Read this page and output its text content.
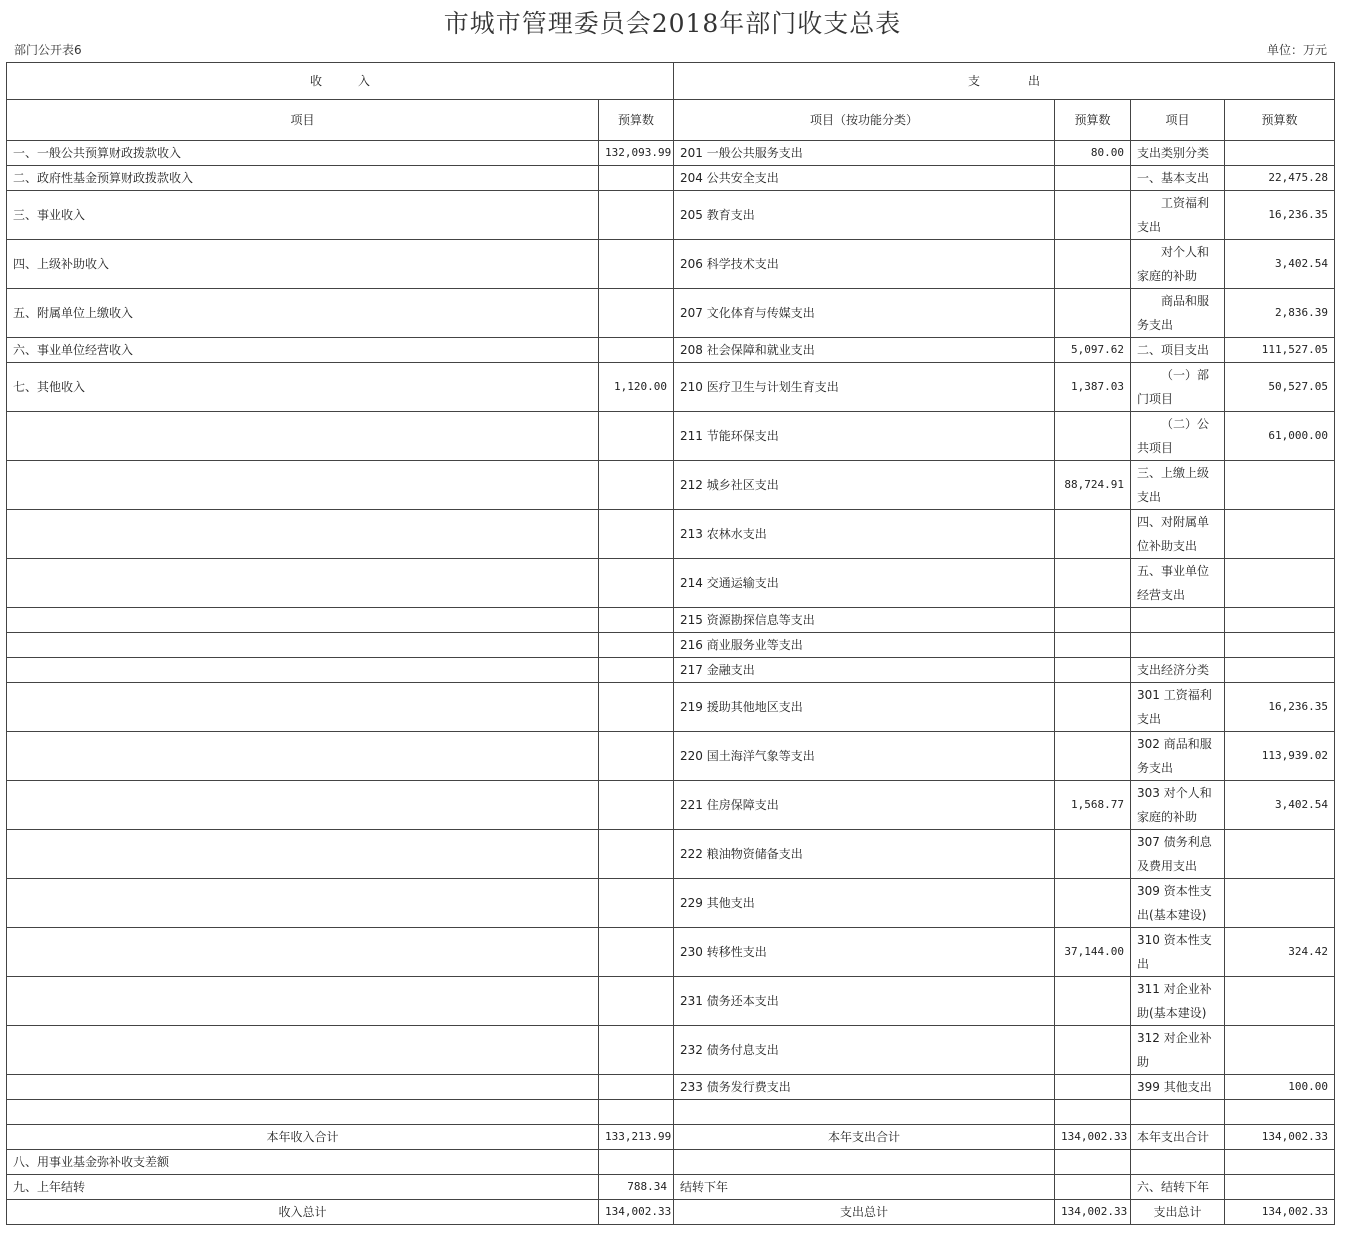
市城市管理委员会2018年部门收支总表
部门公开表6	单位：万元
收　　　入		支　　　　出			
项目	预算数	项目（按功能分类）	预算数	项目	预算数
一、一般公共预算财政拨款收入	132,093.99	201 一般公共服务支出	80.00	支出类别分类	
二、政府性基金预算财政拨款收入		204 公共安全支出		一、基本支出	22,475.28
三、事业收入		205 教育支出		工资福利支出	16,236.35
四、上级补助收入		206 科学技术支出		对个人和家庭的补助	3,402.54
五、附属单位上缴收入		207 文化体育与传媒支出		商品和服务支出	2,836.39
六、事业单位经营收入		208 社会保障和就业支出	5,097.62	二、项目支出	111,527.05
七、其他收入	1,120.00	210 医疗卫生与计划生育支出	1,387.03	（一）部门项目	50,527.05
		211 节能环保支出		（二）公共项目	61,000.00
		212 城乡社区支出	88,724.91	三、上缴上级支出	
		213 农林水支出		四、对附属单位补助支出	
		214 交通运输支出		五、事业单位经营支出	
		215 资源勘探信息等支出			
		216 商业服务业等支出			
		217 金融支出		支出经济分类	
		219 援助其他地区支出		301 工资福利支出	16,236.35
		220 国土海洋气象等支出		302 商品和服务支出	113,939.02
		221 住房保障支出	1,568.77	303 对个人和家庭的补助	3,402.54
		222 粮油物资储备支出		307 债务利息及费用支出	
		229 其他支出		309 资本性支出(基本建设)	
		230 转移性支出	37,144.00	310 资本性支出	324.42
		231 债务还本支出		311 对企业补助(基本建设)	
		232 债务付息支出		312 对企业补助	
		233 债务发行费支出		399 其他支出	100.00

本年收入合计	133,213.99	本年支出合计	134,002.33	本年支出合计	134,002.33
八、用事业基金弥补收支差额					
九、上年结转	788.34	结转下年		六、结转下年	
收入总计	134,002.33	支出总计	134,002.33	支出总计	134,002.33
